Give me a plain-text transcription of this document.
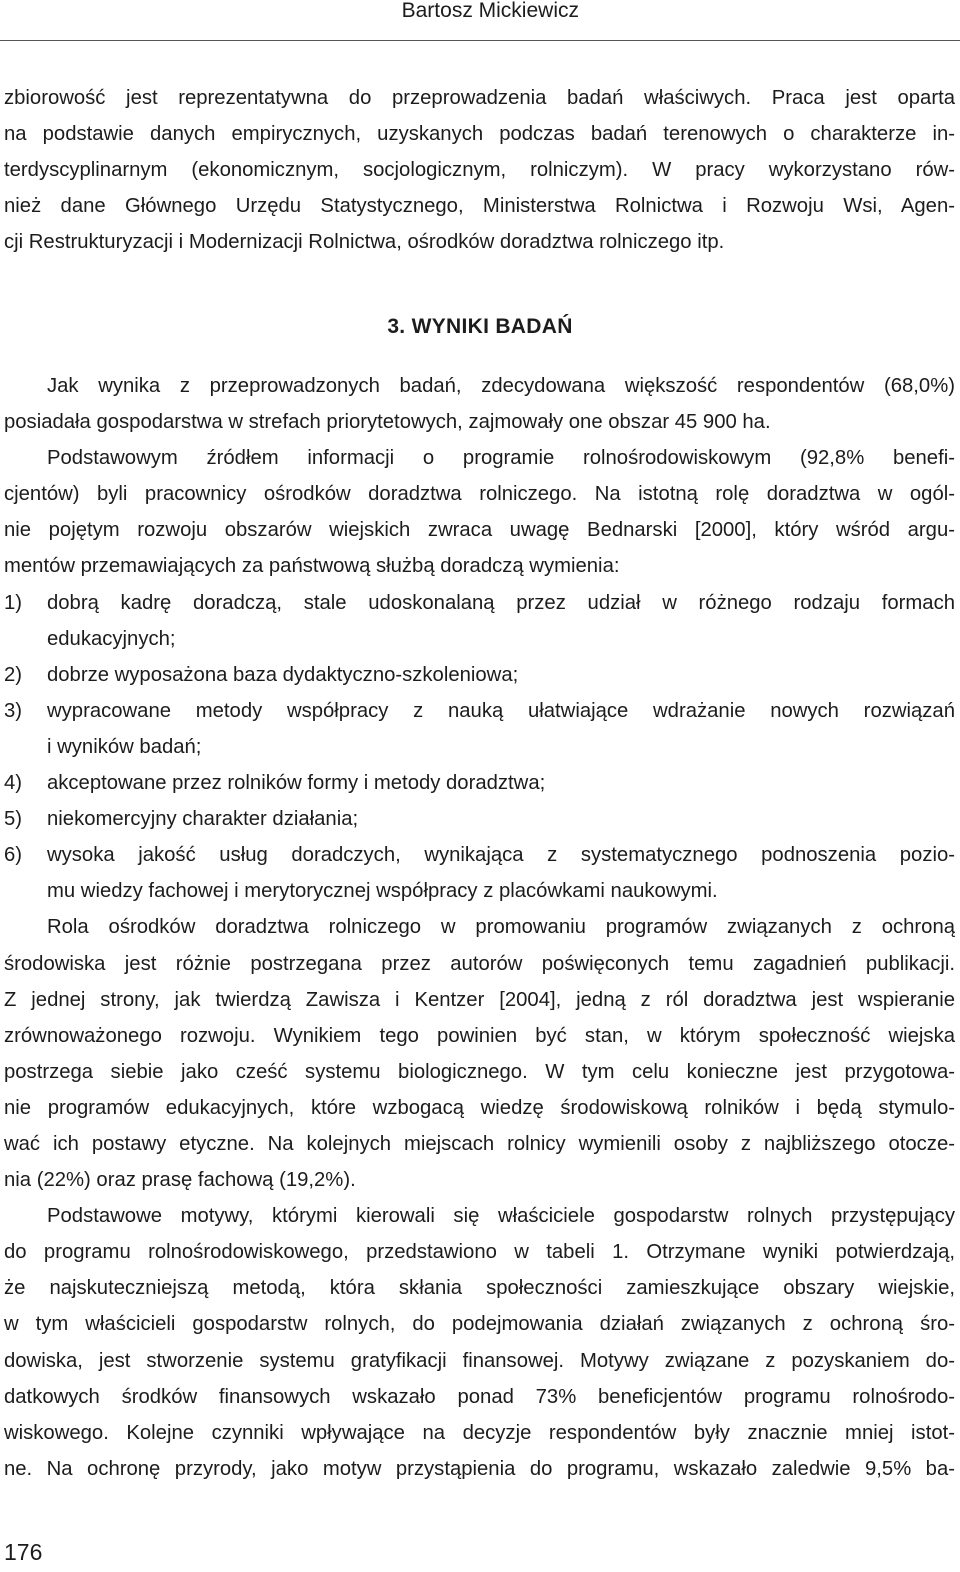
Bartosz Mickiewicz
zbiorowość jest reprezentatywna do przeprowadzenia badań właściwych. Praca jest oparta
na podstawie danych empirycznych, uzyskanych podczas badań terenowych o charakterze in-
terdyscyplinarnym (ekonomicznym, socjologicznym, rolniczym). W pracy wykorzystano rów-
nież dane Głównego Urzędu Statystycznego, Ministerstwa Rolnictwa i Rozwoju Wsi, Agen-
cji Restrukturyzacji i Modernizacji Rolnictwa, ośrodków doradztwa rolniczego itp.
3. WYNIKI BADAŃ
Jak wynika z przeprowadzonych badań, zdecydowana większość respondentów (68,0%)
posiadała gospodarstwa w strefach priorytetowych, zajmowały one obszar 45 900 ha.
Podstawowym źródłem informacji o programie rolnośrodowiskowym (92,8% benefi-
cjentów) byli pracownicy ośrodków doradztwa rolniczego. Na istotną rolę doradztwa w ogól-
nie pojętym rozwoju obszarów wiejskich zwraca uwagę Bednarski [2000], który wśród argu-
mentów przemawiających za państwową służbą doradczą wymienia:
1) dobrą kadrę doradczą, stale udoskonalaną przez udział w różnego rodzaju formach
edukacyjnych;
2) dobrze wyposażona baza dydaktyczno-szkoleniowa;
3) wypracowane metody współpracy z nauką ułatwiające wdrażanie nowych rozwiązań
i wyników badań;
4) akceptowane przez rolników formy i metody doradztwa;
5) niekomercyjny charakter działania;
6) wysoka jakość usług doradczych, wynikająca z systematycznego podnoszenia pozio-
mu wiedzy fachowej i merytorycznej współpracy z placówkami naukowymi.
Rola ośrodków doradztwa rolniczego w promowaniu programów związanych z ochroną
środowiska jest różnie postrzegana przez autorów poświęconych temu zagadnień publikacji.
Z jednej strony, jak twierdzą Zawisza i Kentzer [2004], jedną z ról doradztwa jest wspieranie
zrównoważonego rozwoju. Wynikiem tego powinien być stan, w którym społeczność wiejska
postrzega siebie jako cześć systemu biologicznego. W tym celu konieczne jest przygotowa-
nie programów edukacyjnych, które wzbogacą wiedzę środowiskową rolników i będą stymulo-
wać ich postawy etyczne. Na kolejnych miejscach rolnicy wymienili osoby z najbliższego otocze-
nia (22%) oraz prasę fachową (19,2%).
Podstawowe motywy, którymi kierowali się właściciele gospodarstw rolnych przystępujący
do programu rolnośrodowiskowego, przedstawiono w tabeli 1. Otrzymane wyniki potwierdzają,
że najskuteczniejszą metodą, która skłania społeczności zamieszkujące obszary wiejskie,
w tym właścicieli gospodarstw rolnych, do podejmowania działań związanych z ochroną śro-
dowiska, jest stworzenie systemu gratyfikacji finansowej. Motywy związane z pozyskaniem do-
datkowych środków finansowych wskazało ponad 73% beneficjentów programu rolnośrodo-
wiskowego. Kolejne czynniki wpływające na decyzje respondentów były znacznie mniej istot-
ne. Na ochronę przyrody, jako motyw przystąpienia do programu, wskazało zaledwie 9,5% ba-
176
